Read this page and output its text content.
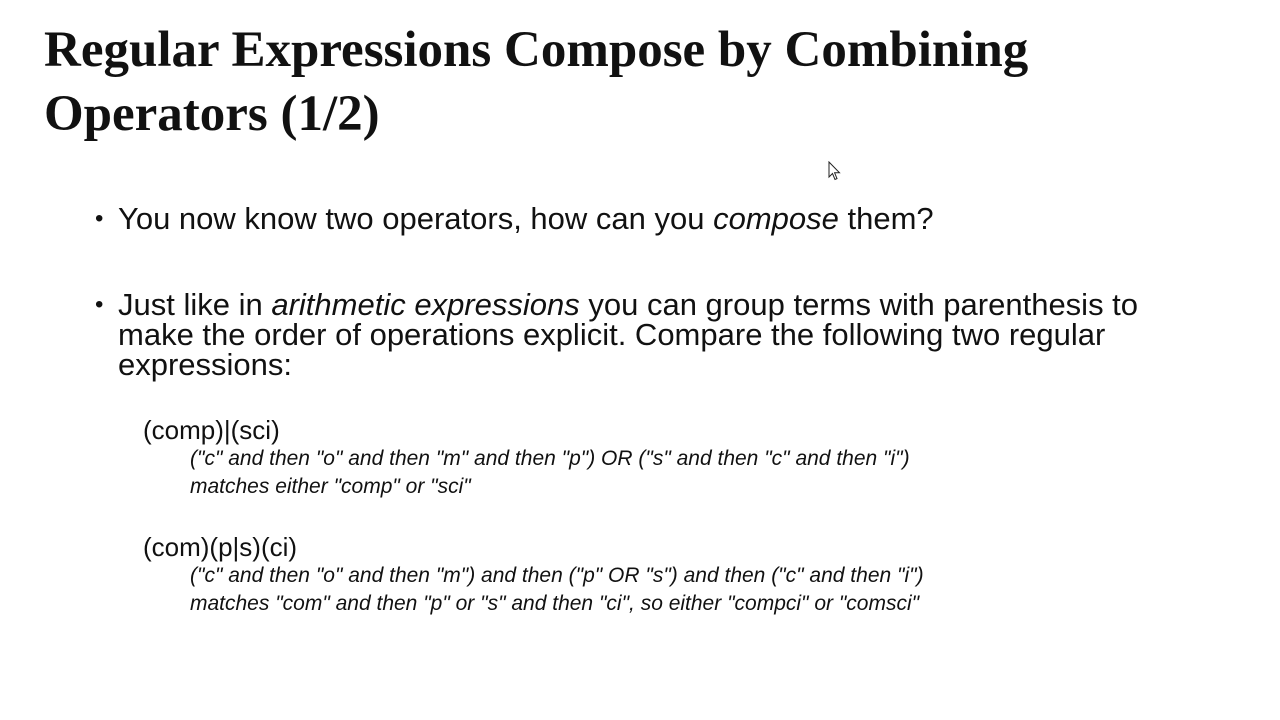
Regular Expressions Compose by Combining Operators (1/2)
• You now know two operators, how can you compose them?
• Just like in arithmetic expressions you can group terms with parenthesis to make the order of operations explicit. Compare the following two regular expressions:
(comp)|(sci)
("c" and then "o" and then "m" and then "p") OR ("s" and then "c" and then "i")
matches either "comp" or "sci"
(com)(p|s)(ci)
("c" and then "o" and then "m") and then ("p" OR "s") and then ("c" and then "i")
matches "com" and then "p" or "s" and then "ci", so either "compci" or "comsci"
